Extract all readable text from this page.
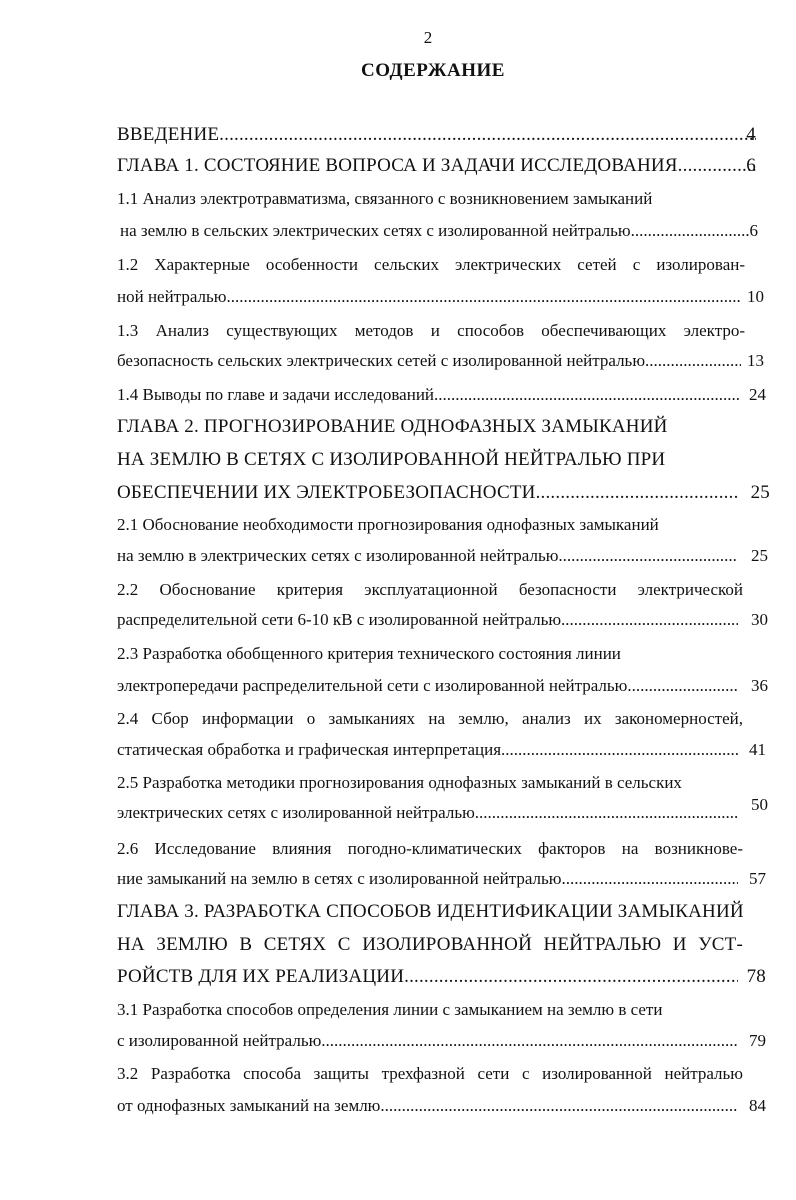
2
СОДЕРЖАНИЕ
ВВЕДЕНИЕ .....	4
ГЛАВА 1. СОСТОЯНИЕ ВОПРОСА И ЗАДАЧИ ИССЛЕДОВАНИЯ .....	6
1.1 Анализ электротравматизма, связанного с возникновением замыканий
на землю в сельских электрических сетях с изолированной нейтралью .....	6
1.2 Характерные особенности сельских электрических сетей с изолирован-
ной нейтралью .....	10
1.3 Анализ существующих методов и способов обеспечивающих электро-
безопасность сельских электрических сетей с изолированной нейтралью .....	13
1.4 Выводы по главе и задачи исследований .....	24
ГЛАВА 2. ПРОГНОЗИРОВАНИЕ ОДНОФАЗНЫХ ЗАМЫКАНИЙ
НА ЗЕМЛЮ В СЕТЯХ С ИЗОЛИРОВАННОЙ НЕЙТРАЛЬЮ ПРИ
ОБЕСПЕЧЕНИИ ИХ ЭЛЕКТРОБЕЗОПАСНОСТИ .....	25
2.1 Обоснование необходимости прогнозирования однофазных замыканий
на землю в электрических сетях с изолированной нейтралью .....	25
2.2 Обоснование критерия эксплуатационной безопасности электрической
распределительной сети 6-10 кВ с изолированной нейтралью .....	30
2.3 Разработка обобщенного критерия технического состояния линии
электропередачи распределительной сети с изолированной нейтралью .....	36
2.4 Сбор информации о замыканиях на землю, анализ их закономерностей,
статическая обработка и графическая интерпретация .....	41
2.5 Разработка методики прогнозирования однофазных замыканий в сельских
электрических сетях с изолированной нейтралью .....	50
2.6 Исследование влияния погодно-климатических факторов на возникнове-
ние замыканий на землю в сетях с изолированной нейтралью .....	57
ГЛАВА 3. РАЗРАБОТКА СПОСОБОВ ИДЕНТИФИКАЦИИ ЗАМЫКАНИЙ
НА ЗЕМЛЮ В СЕТЯХ С ИЗОЛИРОВАННОЙ НЕЙТРАЛЬЮ И УСТ-
РОЙСТВ ДЛЯ ИХ РЕАЛИЗАЦИИ .....	78
3.1 Разработка способов определения линии с замыканием на землю в сети
с изолированной нейтралью .....	79
3.2 Разработка способа защиты трехфазной сети с изолированной нейтралью
от однофазных замыканий на землю .....	84
